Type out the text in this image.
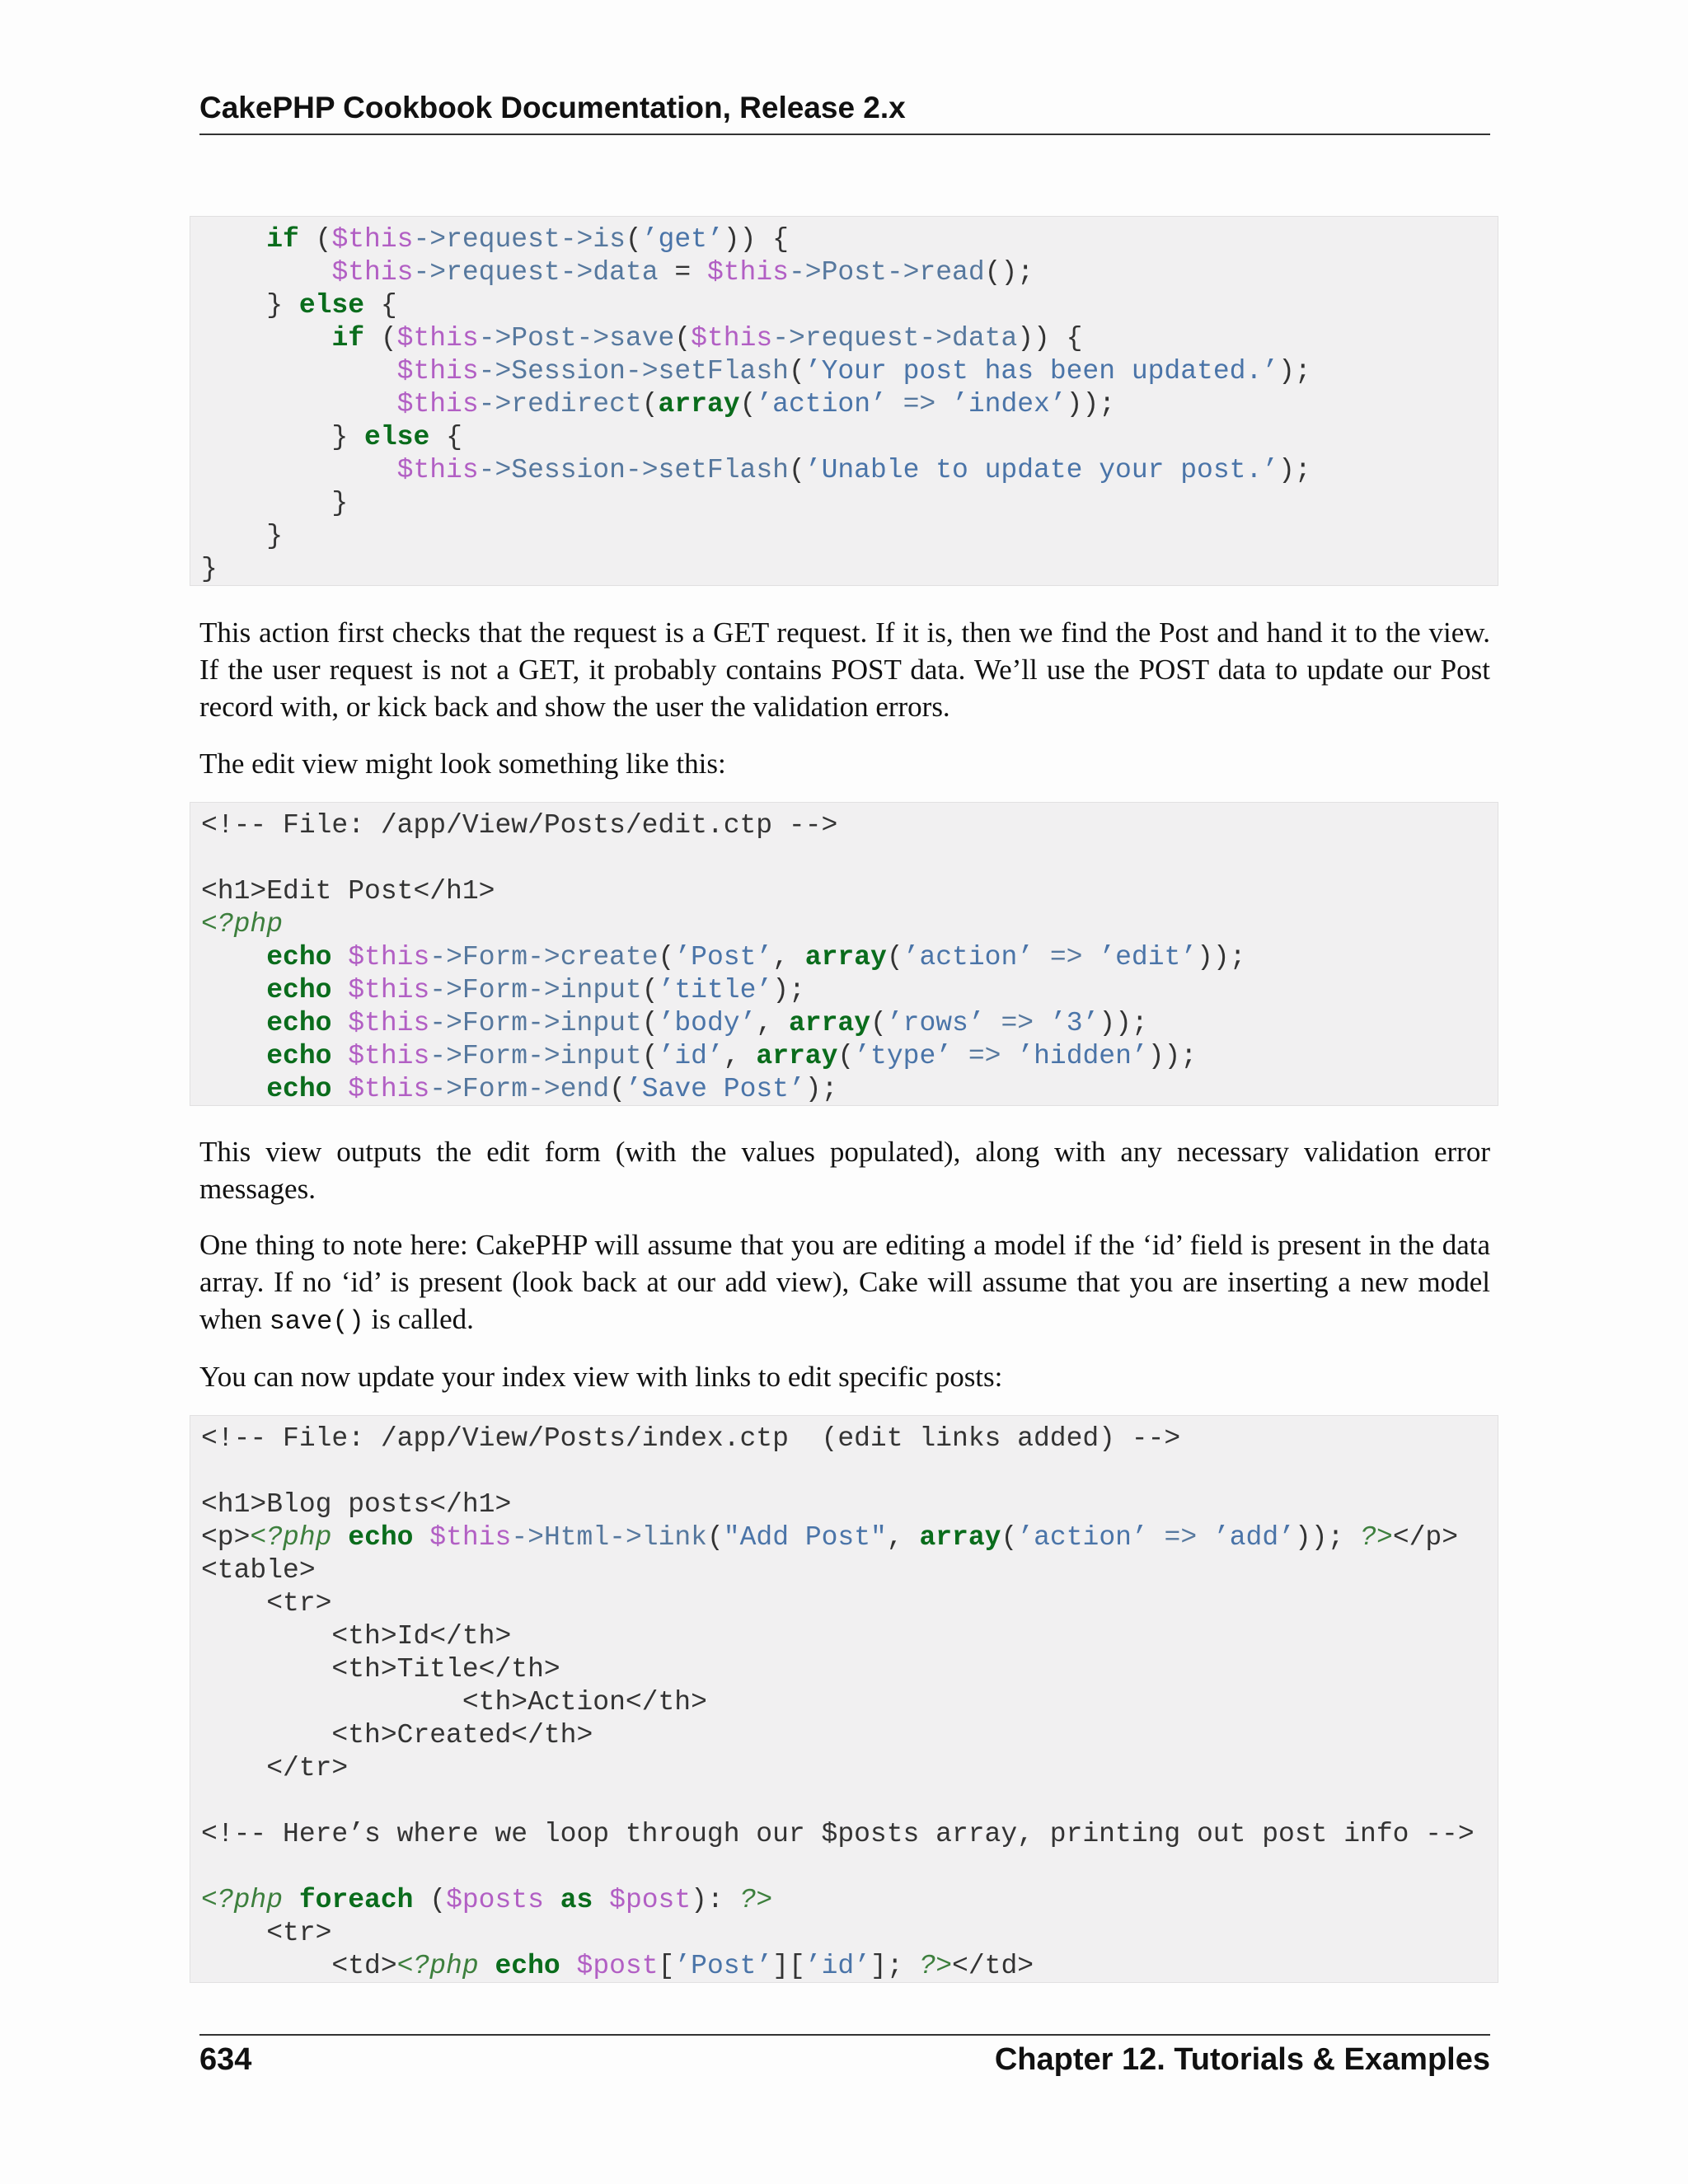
CakePHP Cookbook Documentation, Release 2.x
if ($this->request->is(’get’)) {
$this->request->data = $this->Post->read();
} else {
if ($this->Post->save($this->request->data)) {
$this->Session->setFlash(’Your post has been updated.’);
$this->redirect(array(’action’ => ’index’));
} else {
$this->Session->setFlash(’Unable to update your post.’);
}
}
}
This action first checks that the request is a GET request. If it is, then we find the Post and hand it to the view. If the user request is not a GET, it probably contains POST data. We’ll use the POST data to update our Post record with, or kick back and show the user the validation errors.
The edit view might look something like this:
<!-- File: /app/View/Posts/edit.ctp -->
<h1>Edit Post</h1>
<?php
echo $this->Form->create(’Post’, array(’action’ => ’edit’));
echo $this->Form->input(’title’);
echo $this->Form->input(’body’, array(’rows’ => ’3’));
echo $this->Form->input(’id’, array(’type’ => ’hidden’));
echo $this->Form->end(’Save Post’);
This view outputs the edit form (with the values populated), along with any necessary validation error messages.
One thing to note here: CakePHP will assume that you are editing a model if the ‘id’ field is present in the data array. If no ‘id’ is present (look back at our add view), Cake will assume that you are inserting a new model when save() is called.
You can now update your index view with links to edit specific posts:
<!-- File: /app/View/Posts/index.ctp  (edit links added) -->
<h1>Blog posts</h1>
<p><?php echo $this->Html->link("Add Post", array(’action’ => ’add’)); ?></p>
<table>
<tr>
<th>Id</th>
<th>Title</th>
<th>Action</th>
<th>Created</th>
</tr>
<!-- Here’s where we loop through our $posts array, printing out post info -->
<?php foreach ($posts as $post): ?>
<tr>
<td><?php echo $post[’Post’][’id’]; ?></td>
634	Chapter 12. Tutorials & Examples
